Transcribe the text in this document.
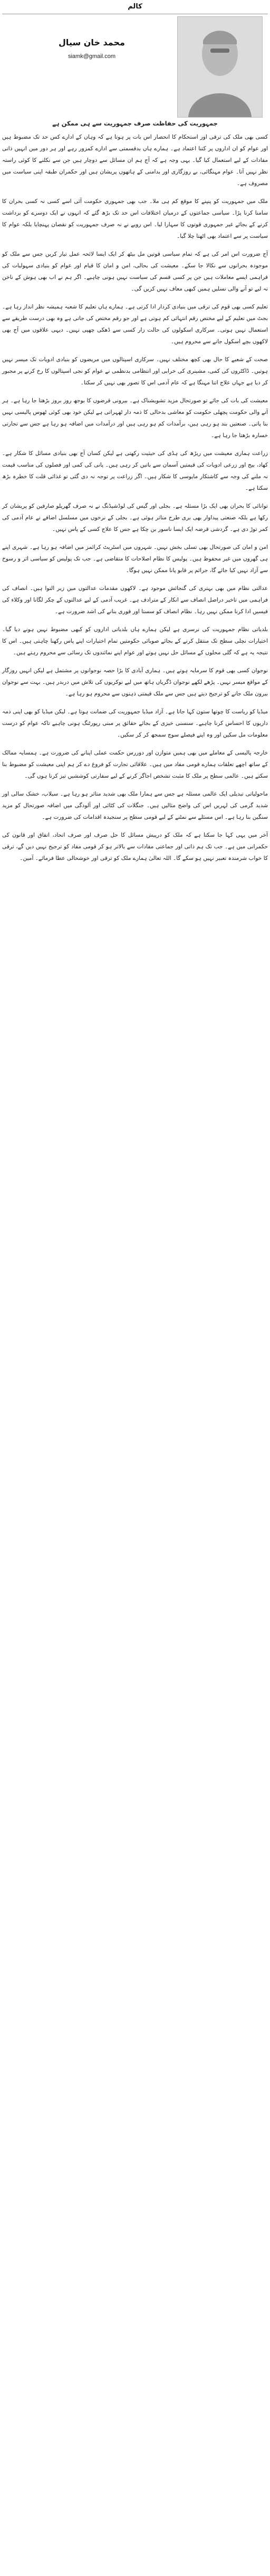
کالم
محمد خان سیال
siamk@gmail.com
جمہوریت کی حفاظت صرف جمہوریت سے ہی ممکن ہے

کسی بھی ملک کی ترقی اور استحکام کا انحصار اس بات پر ہوتا ہے کہ وہاں کے ادارے کس حد تک مضبوط ہیں اور عوام کو ان اداروں پر کتنا اعتماد ہے۔ ہمارے ہاں بدقسمتی سے ادارے کمزور رہے اور ہر دور میں انہیں ذاتی مفادات کے لیے استعمال کیا گیا۔ یہی وجہ ہے کہ آج ہم ان مسائل سے دوچار ہیں جن سے نکلنے کا کوئی راستہ نظر نہیں آتا۔ عوام مہنگائی، بے روزگاری اور بدامنی کے ہاتھوں پریشان ہیں اور حکمران طبقہ اپنی سیاست میں مصروف ہے۔

ملک میں جمہوریت کو پنپنے کا موقع کم ہی ملا۔ جب بھی جمہوری حکومت آئی اسے کسی نہ کسی بحران کا سامنا کرنا پڑا۔ سیاسی جماعتوں کے درمیان اختلافات اس حد تک بڑھ گئے کہ انہوں نے ایک دوسرے کو برداشت کرنے کے بجائے غیر جمہوری قوتوں کا سہارا لیا۔ اس رویے نے نہ صرف جمہوریت کو نقصان پہنچایا بلکہ عوام کا سیاست پر سے اعتماد بھی اٹھتا چلا گیا۔

آج ضرورت اس امر کی ہے کہ تمام سیاسی قوتیں مل بیٹھ کر ایک ایسا لائحہ عمل تیار کریں جس سے ملک کو موجودہ بحرانوں سے نکالا جا سکے۔ معیشت کی بحالی، امن و امان کا قیام اور عوام کو بنیادی سہولیات کی فراہمی ایسے معاملات ہیں جن پر کسی قسم کی سیاست نہیں ہونی چاہیے۔ اگر ہم نے اب بھی ہوش کے ناخن نہ لیے تو آنے والی نسلیں ہمیں کبھی معاف نہیں کریں گی۔

تعلیم کسی بھی قوم کی ترقی میں بنیادی کردار ادا کرتی ہے۔ ہمارے ہاں تعلیم کا شعبہ ہمیشہ نظر انداز رہا ہے۔ بجٹ میں تعلیم کے لیے مختص رقم انتہائی کم ہوتی ہے اور جو رقم مختص کی جاتی ہے وہ بھی درست طریقے سے استعمال نہیں ہوتی۔ سرکاری اسکولوں کی حالت زار کسی سے ڈھکی چھپی نہیں۔ دیہی علاقوں میں آج بھی لاکھوں بچے اسکول جانے سے محروم ہیں۔

صحت کے شعبے کا حال بھی کچھ مختلف نہیں۔ سرکاری اسپتالوں میں مریضوں کو بنیادی ادویات تک میسر نہیں ہوتیں۔ ڈاکٹروں کی کمی، مشینری کی خرابی اور انتظامی بدنظمی نے عوام کو نجی اسپتالوں کا رخ کرنے پر مجبور کر دیا ہے جہاں علاج اتنا مہنگا ہے کہ عام آدمی اس کا تصور بھی نہیں کر سکتا۔

معیشت کی بات کی جائے تو صورتحال مزید تشویشناک ہے۔ بیرونی قرضوں کا بوجھ روز بروز بڑھتا جا رہا ہے۔ ہر آنے والی حکومت پچھلی حکومت کو معاشی بدحالی کا ذمہ دار ٹھہراتی ہے لیکن خود بھی کوئی ٹھوس پالیسی نہیں بنا پاتی۔ صنعتیں بند ہو رہی ہیں، برآمدات کم ہو رہی ہیں اور درآمدات میں اضافہ ہو رہا ہے جس سے تجارتی خسارہ بڑھتا جا رہا ہے۔

زراعت ہماری معیشت میں ریڑھ کی ہڈی کی حیثیت رکھتی ہے لیکن کسان آج بھی بنیادی مسائل کا شکار ہے۔ کھاد، بیج اور زرعی ادویات کی قیمتیں آسمان سے باتیں کر رہی ہیں۔ پانی کی کمی اور فصلوں کی مناسب قیمت نہ ملنے کی وجہ سے کاشتکار مایوسی کا شکار ہیں۔ اگر زراعت پر توجہ نہ دی گئی تو غذائی قلت کا خطرہ بڑھ سکتا ہے۔

توانائی کا بحران بھی ایک بڑا مسئلہ ہے۔ بجلی اور گیس کی لوڈشیڈنگ نے نہ صرف گھریلو صارفین کو پریشان کر رکھا ہے بلکہ صنعتی پیداوار بھی بری طرح متاثر ہوئی ہے۔ بجلی کے نرخوں میں مسلسل اضافے نے عام آدمی کی کمر توڑ دی ہے۔ گردشی قرضہ ایک ایسا ناسور بن چکا ہے جس کا علاج کسی کے پاس نہیں۔

امن و امان کی صورتحال بھی تسلی بخش نہیں۔ شہروں میں اسٹریٹ کرائمز میں اضافہ ہو رہا ہے۔ شہری اپنے ہی گھروں میں غیر محفوظ ہیں۔ پولیس کا نظام اصلاحات کا متقاضی ہے۔ جب تک پولیس کو سیاسی اثر و رسوخ سے آزاد نہیں کیا جائے گا، جرائم پر قابو پانا ممکن نہیں ہوگا۔

عدالتی نظام میں بھی بہتری کی گنجائش موجود ہے۔ لاکھوں مقدمات عدالتوں میں زیر التوا ہیں۔ انصاف کی فراہمی میں تاخیر دراصل انصاف سے انکار کے مترادف ہے۔ غریب آدمی کے لیے عدالتوں کے چکر لگانا اور وکلاء کی فیسیں ادا کرنا ممکن نہیں رہا۔ نظام انصاف کو سستا اور فوری بنانے کی اشد ضرورت ہے۔

بلدیاتی نظام جمہوریت کی نرسری ہے لیکن ہمارے ہاں بلدیاتی اداروں کو کبھی مضبوط نہیں ہونے دیا گیا۔ اختیارات نچلی سطح تک منتقل کرنے کے بجائے صوبائی حکومتیں تمام اختیارات اپنے پاس رکھنا چاہتی ہیں۔ اس کا نتیجہ یہ ہے کہ گلی محلوں کے مسائل حل نہیں ہوتے اور عوام اپنے نمائندوں تک رسائی سے محروم رہتے ہیں۔

نوجوان کسی بھی قوم کا سرمایہ ہوتے ہیں۔ ہماری آبادی کا بڑا حصہ نوجوانوں پر مشتمل ہے لیکن انہیں روزگار کے مواقع میسر نہیں۔ پڑھے لکھے نوجوان ڈگریاں ہاتھ میں لیے نوکریوں کی تلاش میں دربدر ہیں۔ بہت سے نوجوان بیرون ملک جانے کو ترجیح دیتے ہیں جس سے ملک قیمتی ذہنوں سے محروم ہو رہا ہے۔

میڈیا کو ریاست کا چوتھا ستون کہا جاتا ہے۔ آزاد میڈیا جمہوریت کی ضمانت ہوتا ہے۔ لیکن میڈیا کو بھی اپنی ذمہ داریوں کا احساس کرنا چاہیے۔ سنسنی خیزی کے بجائے حقائق پر مبنی رپورٹنگ ہونی چاہیے تاکہ عوام کو درست معلومات مل سکیں اور وہ اپنے فیصلے سوچ سمجھ کر کر سکیں۔

خارجہ پالیسی کے معاملے میں بھی ہمیں متوازن اور دوررس حکمت عملی اپنانے کی ضرورت ہے۔ ہمسایہ ممالک کے ساتھ اچھے تعلقات ہمارے قومی مفاد میں ہیں۔ علاقائی تجارت کو فروغ دے کر ہم اپنی معیشت کو مضبوط بنا سکتے ہیں۔ عالمی سطح پر ملک کا مثبت تشخص اجاگر کرنے کے لیے سفارتی کوششیں تیز کرنا ہوں گی۔

ماحولیاتی تبدیلی ایک عالمی مسئلہ ہے جس سے ہمارا ملک بھی شدید متاثر ہو رہا ہے۔ سیلاب، خشک سالی اور شدید گرمی کی لہریں اس کی واضح مثالیں ہیں۔ جنگلات کی کٹائی اور آلودگی میں اضافہ صورتحال کو مزید سنگین بنا رہا ہے۔ اس مسئلے سے نمٹنے کے لیے قومی سطح پر سنجیدہ اقدامات کی ضرورت ہے۔

آخر میں یہی کہا جا سکتا ہے کہ ملک کو درپیش مسائل کا حل صرف اور صرف اتحاد، اتفاق اور قانون کی حکمرانی میں ہے۔ جب تک ہم ذاتی اور جماعتی مفادات سے بالاتر ہو کر قومی مفاد کو ترجیح نہیں دیں گے، ترقی کا خواب شرمندہ تعبیر نہیں ہو سکے گا۔ اللہ تعالیٰ ہمارے ملک کو ترقی اور خوشحالی عطا فرمائے۔ آمین۔
